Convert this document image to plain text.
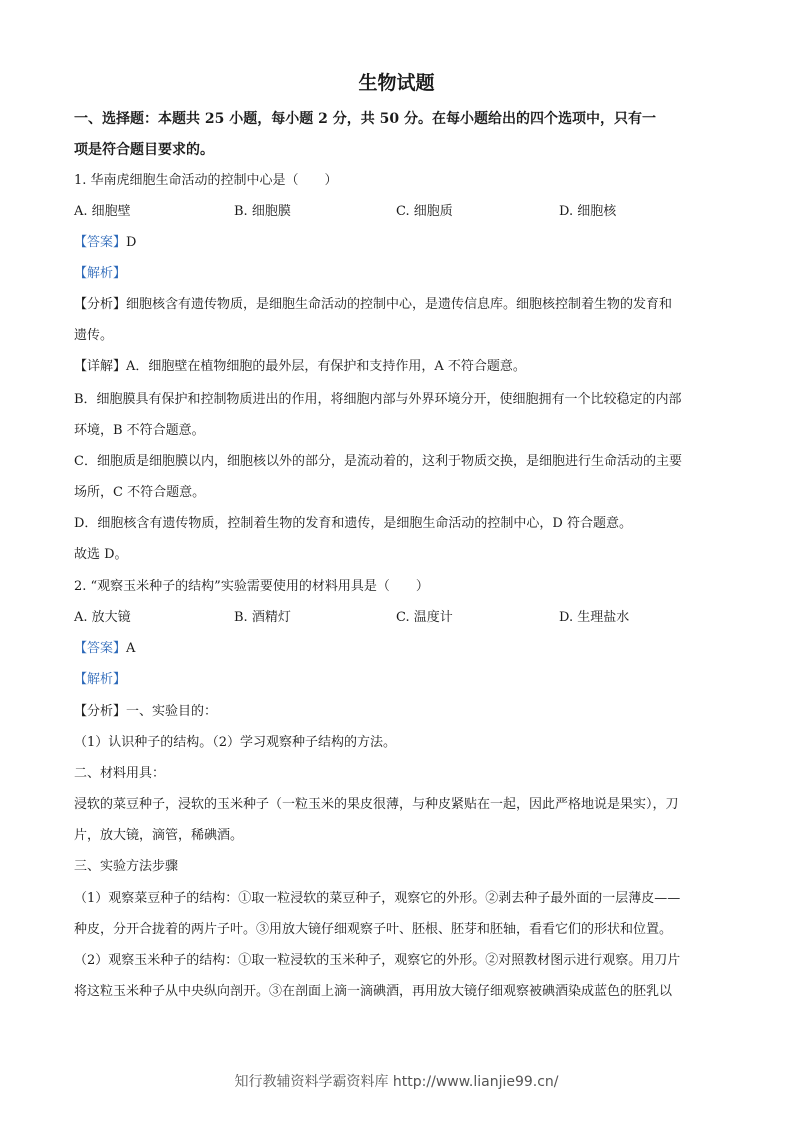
生物试题
一、选择题：本题共 25 小题，每小题 2 分，共 50 分。在每小题给出的四个选项中，只有一
项是符合题目要求的。
1. 华南虎细胞生命活动的控制中心是（　　）
A. 细胞壁	B. 细胞膜	C. 细胞质	D. 细胞核
【答案】D
【解析】
【分析】细胞核含有遗传物质，是细胞生命活动的控制中心，是遗传信息库。细胞核控制着生物的发育和
遗传。
【详解】A．细胞壁在植物细胞的最外层，有保护和支持作用，A 不符合题意。
B．细胞膜具有保护和控制物质进出的作用，将细胞内部与外界环境分开，使细胞拥有一个比较稳定的内部
环境，B 不符合题意。
C．细胞质是细胞膜以内，细胞核以外的部分，是流动着的，这利于物质交换，是细胞进行生命活动的主要
场所，C 不符合题意。
D．细胞核含有遗传物质，控制着生物的发育和遗传，是细胞生命活动的控制中心，D 符合题意。
故选 D。
2. “观察玉米种子的结构”实验需要使用的材料用具是（　　）
A. 放大镜	B. 酒精灯	C. 温度计	D. 生理盐水
【答案】A
【解析】
【分析】一、实验目的：
（1）认识种子的结构。（2）学习观察种子结构的方法。
二、材料用具：
浸软的菜豆种子，浸软的玉米种子（一粒玉米的果皮很薄，与种皮紧贴在一起，因此严格地说是果实），刀
片，放大镜，滴管，稀碘酒。
三、实验方法步骤
（1）观察菜豆种子的结构：①取一粒浸软的菜豆种子，观察它的外形。②剥去种子最外面的一层薄皮——
种皮，分开合拢着的两片子叶。③用放大镜仔细观察子叶、胚根、胚芽和胚轴，看看它们的形状和位置。
（2）观察玉米种子的结构：①取一粒浸软的玉米种子，观察它的外形。②对照教材图示进行观察。用刀片
将这粒玉米种子从中央纵向剖开。③在剖面上滴一滴碘酒，再用放大镜仔细观察被碘酒染成蓝色的胚乳以
知行教辅资料学霸资料库 http://www.lianjie99.cn/
